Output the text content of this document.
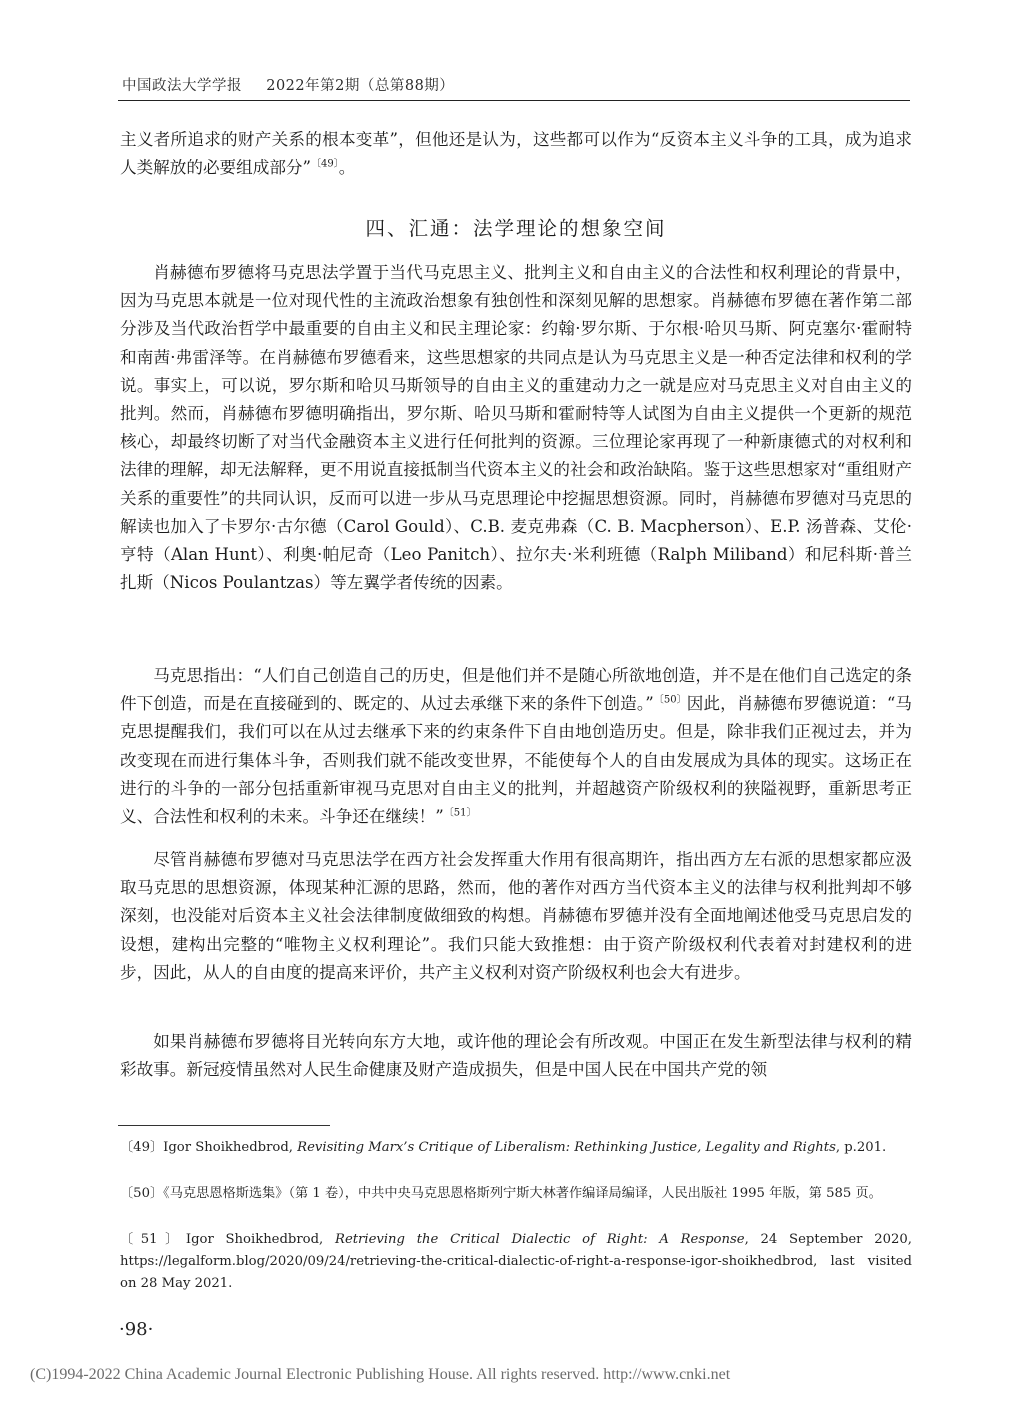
中国政法大学学报 2022年第2期（总第88期）

主义者所追求的财产关系的根本变革”，但他还是认为，这些都可以作为“反资本主义斗争的工具，成为追求人类解放的必要组成部分”$^{〔49〕}$。

四、汇通：法学理论的想象空间

肖赫德布罗德将马克思法学置于当代马克思主义、批判主义和自由主义的合法性和权利理论的背景中，因为马克思本就是一位对现代性的主流政治想象有独创性和深刻见解的思想家。肖赫德布罗德在著作第二部分涉及当代政治哲学中最重要的自由主义和民主理论家：约翰·罗尔斯、于尔根·哈贝马斯、阿克塞尔·霍耐特和南茜·弗雷泽等。在肖赫德布罗德看来，这些思想家的共同点是认为马克思主义是一种否定法律和权利的学说。事实上，可以说，罗尔斯和哈贝马斯领导的自由主义的重建动力之一就是应对马克思主义对自由主义的批判。然而，肖赫德布罗德明确指出，罗尔斯、哈贝马斯和霍耐特等人试图为自由主义提供一个更新的规范核心，却最终切断了对当代金融资本主义进行任何批判的资源。三位理论家再现了一种新康德式的对权利和法律的理解，却无法解释，更不用说直接抵制当代资本主义的社会和政治缺陷。鉴于这些思想家对“重组财产关系的重要性”的共同认识，反而可以进一步从马克思理论中挖掘思想资源。同时，肖赫德布罗德对马克思的解读也加入了卡罗尔·古尔德（Carol Gould）、C.B. 麦克弗森（C. B. Macpherson）、E.P. 汤普森、艾伦·亨特（Alan Hunt）、利奥·帕尼奇（Leo Panitch）、拉尔夫·米利班德（Ralph Miliband）和尼科斯·普兰扎斯（Nicos Poulantzas）等左翼学者传统的因素。

马克思指出：“人们自己创造自己的历史，但是他们并不是随心所欲地创造，并不是在他们自己选定的条件下创造，而是在直接碰到的、既定的、从过去承继下来的条件下创造。”$^{〔50〕}$因此，肖赫德布罗德说道：“马克思提醒我们，我们可以在从过去继承下来的约束条件下自由地创造历史。但是，除非我们正视过去，并为改变现在而进行集体斗争，否则我们就不能改变世界，不能使每个人的自由发展成为具体的现实。这场正在进行的斗争的一部分包括重新审视马克思对自由主义的批判，并超越资产阶级权利的狭隘视野，重新思考正义、合法性和权利的未来。斗争还在继续！”$^{〔51〕}$

尽管肖赫德布罗德对马克思法学在西方社会发挥重大作用有很高期许，指出西方左右派的思想家都应汲取马克思的思想资源，体现某种汇源的思路，然而，他的著作对西方当代资本主义的法律与权利批判却不够深刻，也没能对后资本主义社会法律制度做细致的构想。肖赫德布罗德并没有全面地阐述他受马克思启发的设想，建构出完整的“唯物主义权利理论”。我们只能大致推想：由于资产阶级权利代表着对封建权利的进步，因此，从人的自由度的提高来评价，共产主义权利对资产阶级权利也会大有进步。

如果肖赫德布罗德将目光转向东方大地，或许他的理论会有所改观。中国正在发生新型法律与权利的精彩故事。新冠疫情虽然对人民生命健康及财产造成损失，但是中国人民在中国共产党的领

〔49〕Igor Shoikhedbrod, Revisiting Marx’s Critique of Liberalism: Rethinking Justice, Legality and Rights, p.201.

〔50〕《马克思恩格斯选集》（第 1 卷），中共中央马克思恩格斯列宁斯大林著作编译局编译，人民出版社 1995 年版，第 585 页。

〔51〕Igor Shoikhedbrod, Retrieving the Critical Dialectic of Right: A Response, 24 September 2020, https://legalform.blog/2020/09/24/retrieving-the-critical-dialectic-of-right-a-response-igor-shoikhedbrod, last visited on 28 May 2021.

·98·
(C)1994-2022 China Academic Journal Electronic Publishing House. All rights reserved. http://www.cnki.net
